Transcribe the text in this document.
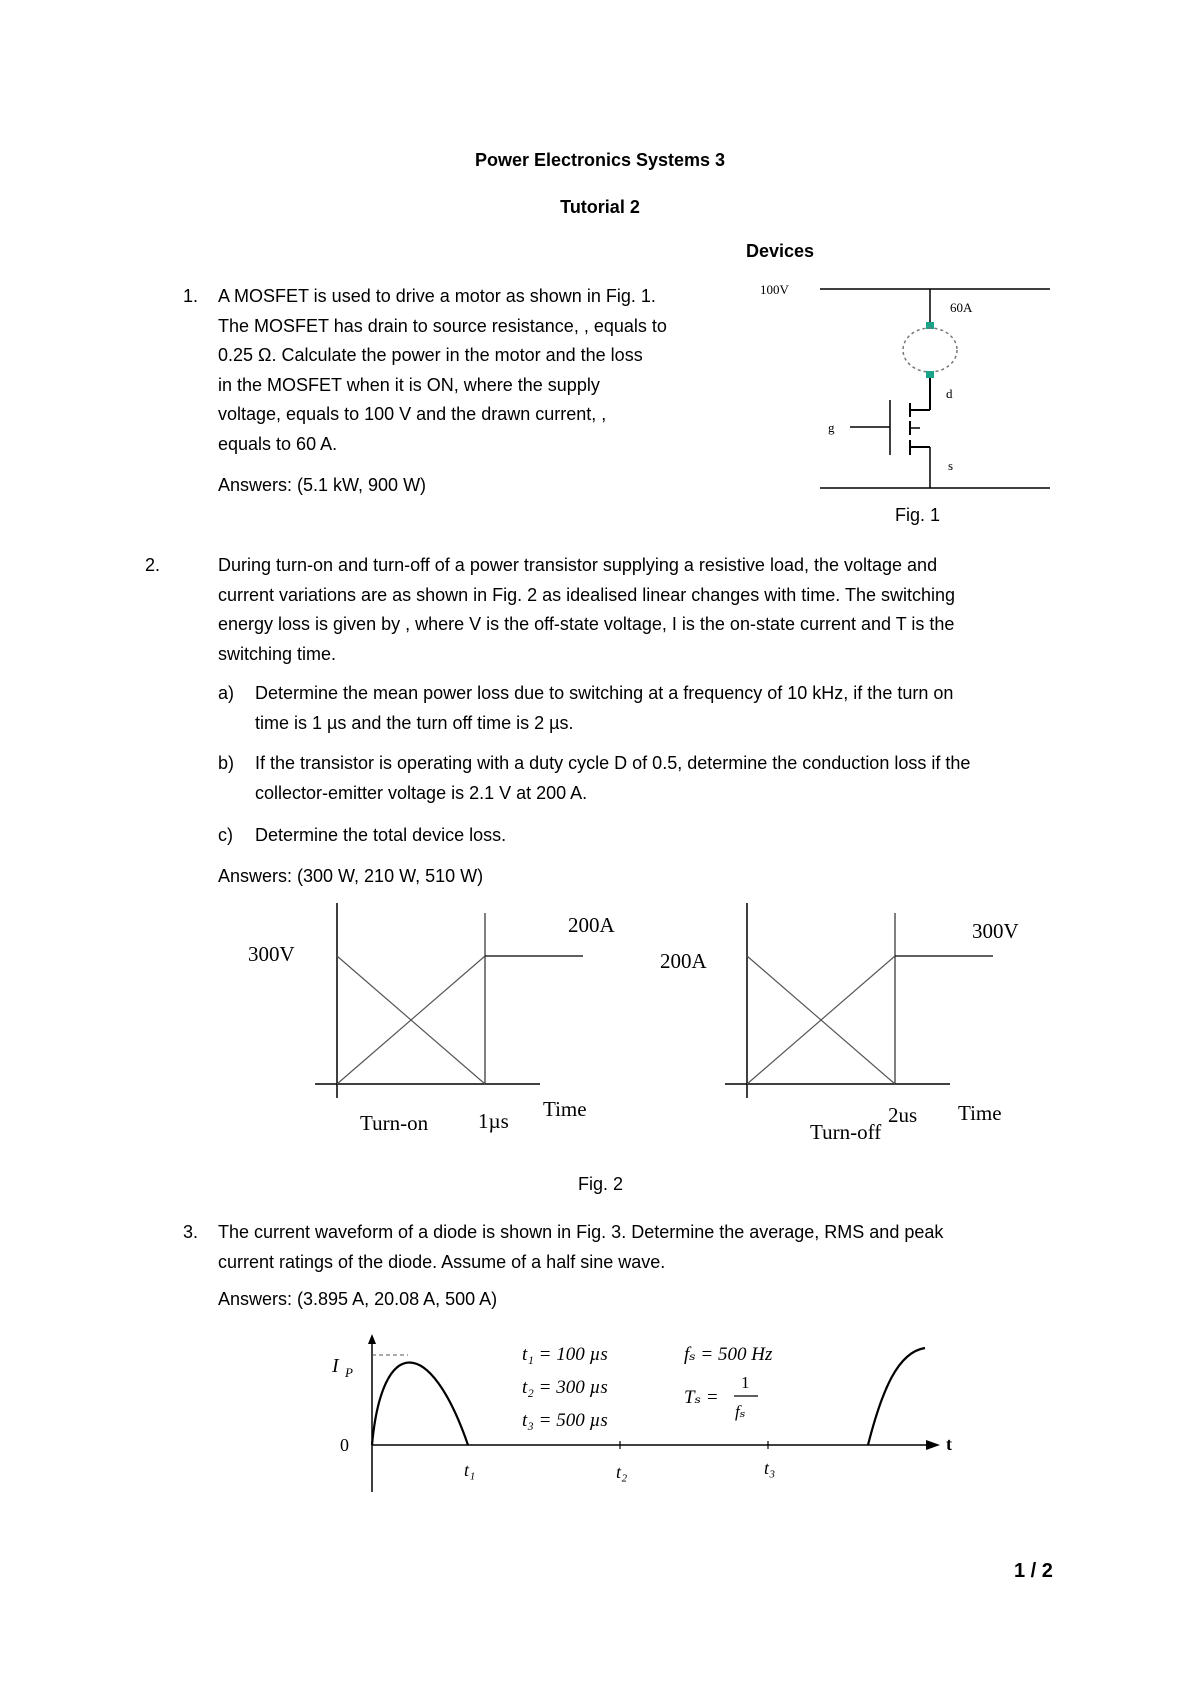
Power Electronics Systems 3
Tutorial 2
Devices
1. A MOSFET is used to drive a motor as shown in Fig. 1.
The MOSFET has drain to source resistance, , equals to
0.25 Ω. Calculate the power in the motor and the loss
in the MOSFET when it is ON, where the supply
voltage, equals to 100 V and the drawn current, ,
equals to 60 A.
Answers: (5.1 kW, 900 W)
100V
60A
d
g
s
Fig. 1
2.	During turn-on and turn-off of a power transistor supplying a resistive load, the voltage and
current variations are as shown in Fig. 2 as idealised linear changes with time. The switching
energy loss is given by , where V is the off-state voltage, I is the on-state current and T is the
switching time.
a) Determine the mean power loss due to switching at a frequency of 10 kHz, if the turn on
time is 1 µs and the turn off time is 2 µs.
b) If the transistor is operating with a duty cycle D of 0.5, determine the conduction loss if the
collector-emitter voltage is 2.1 V at 200 A.
c) Determine the total device loss.
Answers: (300 W, 210 W, 510 W)
300V
200A
Time
Turn-on 1µs
200A
300V
Time
Turn-off
2us
Fig. 2
3. The current waveform of a diode is shown in Fig. 3. Determine the average, RMS and peak
current ratings of the diode. Assume of a half sine wave.
Answers: (3.895 A, 20.08 A, 500 A)
I P
0	t
t₁	t₂	t₃
t₁ = 100 µs
t₂ = 300 µs
t₃ = 500 µs
fₛ = 500 Hz
Tₛ =
1
fₛ
1 / 2
